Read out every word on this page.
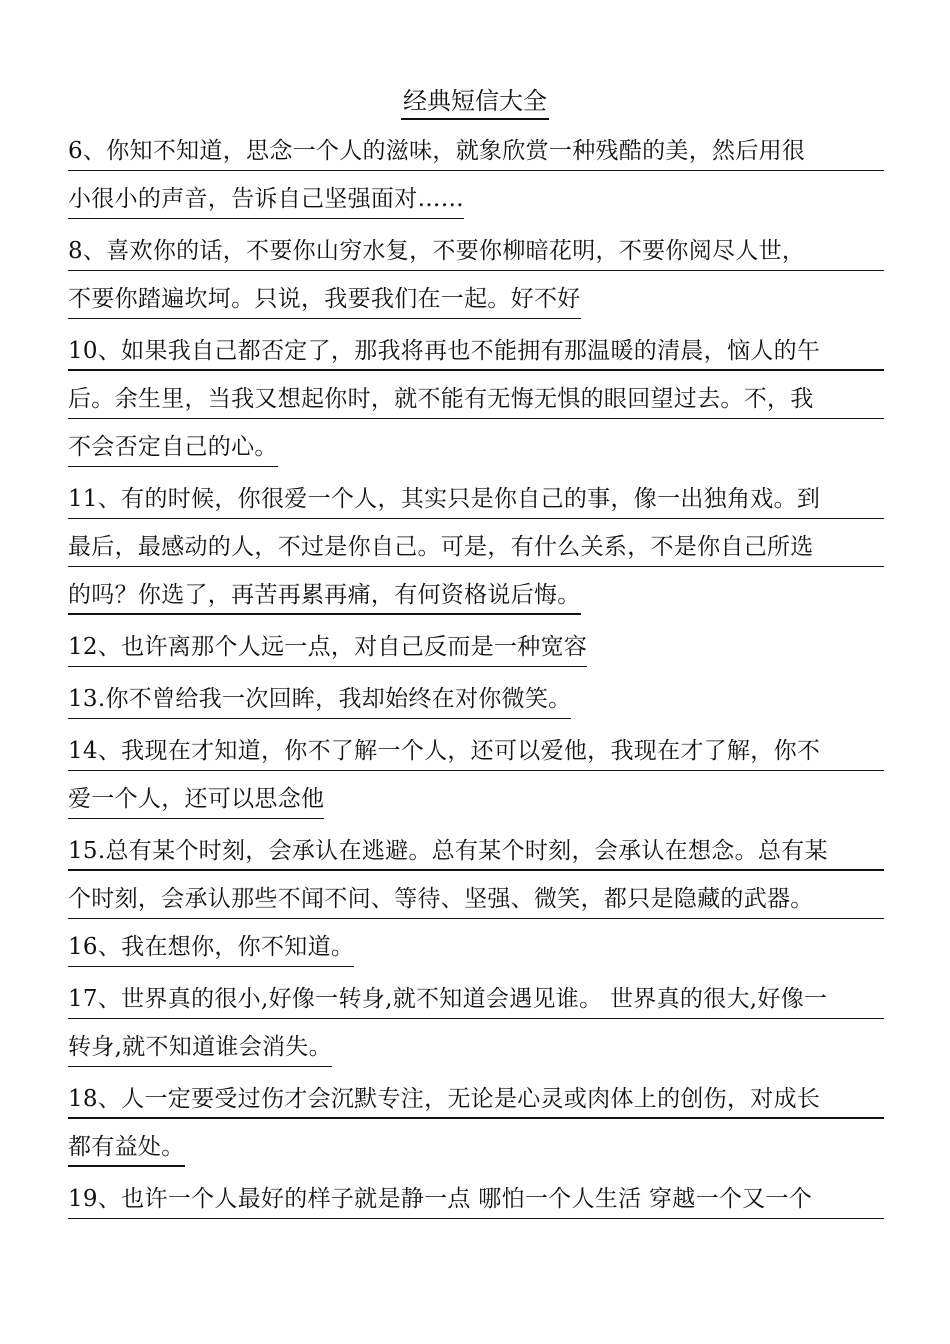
经典短信大全
6、你知不知道，思念一个人的滋味，就象欣赏一种残酷的美，然后用很
小很小的声音，告诉自己坚强面对……
8、喜欢你的话，不要你山穷水复，不要你柳暗花明，不要你阅尽人世，
不要你踏遍坎坷。只说，我要我们在一起。好不好
10、如果我自己都否定了，那我将再也不能拥有那温暖的清晨，恼人的午
后。余生里，当我又想起你时，就不能有无悔无惧的眼回望过去。不，我
不会否定自己的心。
11、有的时候，你很爱一个人，其实只是你自己的事，像一出独角戏。到
最后，最感动的人，不过是你自己。可是，有什么关系，不是你自己所选
的吗？你选了，再苦再累再痛，有何资格说后悔。
12、也许离那个人远一点，对自己反而是一种宽容
13.你不曾给我一次回眸，我却始终在对你微笑。
14、我现在才知道，你不了解一个人，还可以爱他，我现在才了解，你不
爱一个人，还可以思念他
15.总有某个时刻，会承认在逃避。总有某个时刻，会承认在想念。总有某
个时刻，会承认那些不闻不问、等待、坚强、微笑，都只是隐藏的武器。
16、我在想你，你不知道。
17、世界真的很小,好像一转身,就不知道会遇见谁。 世界真的很大,好像一
转身,就不知道谁会消失。
18、人一定要受过伤才会沉默专注，无论是心灵或肉体上的创伤，对成长
都有益处。
19、也许一个人最好的样子就是静一点 哪怕一个人生活 穿越一个又一个
